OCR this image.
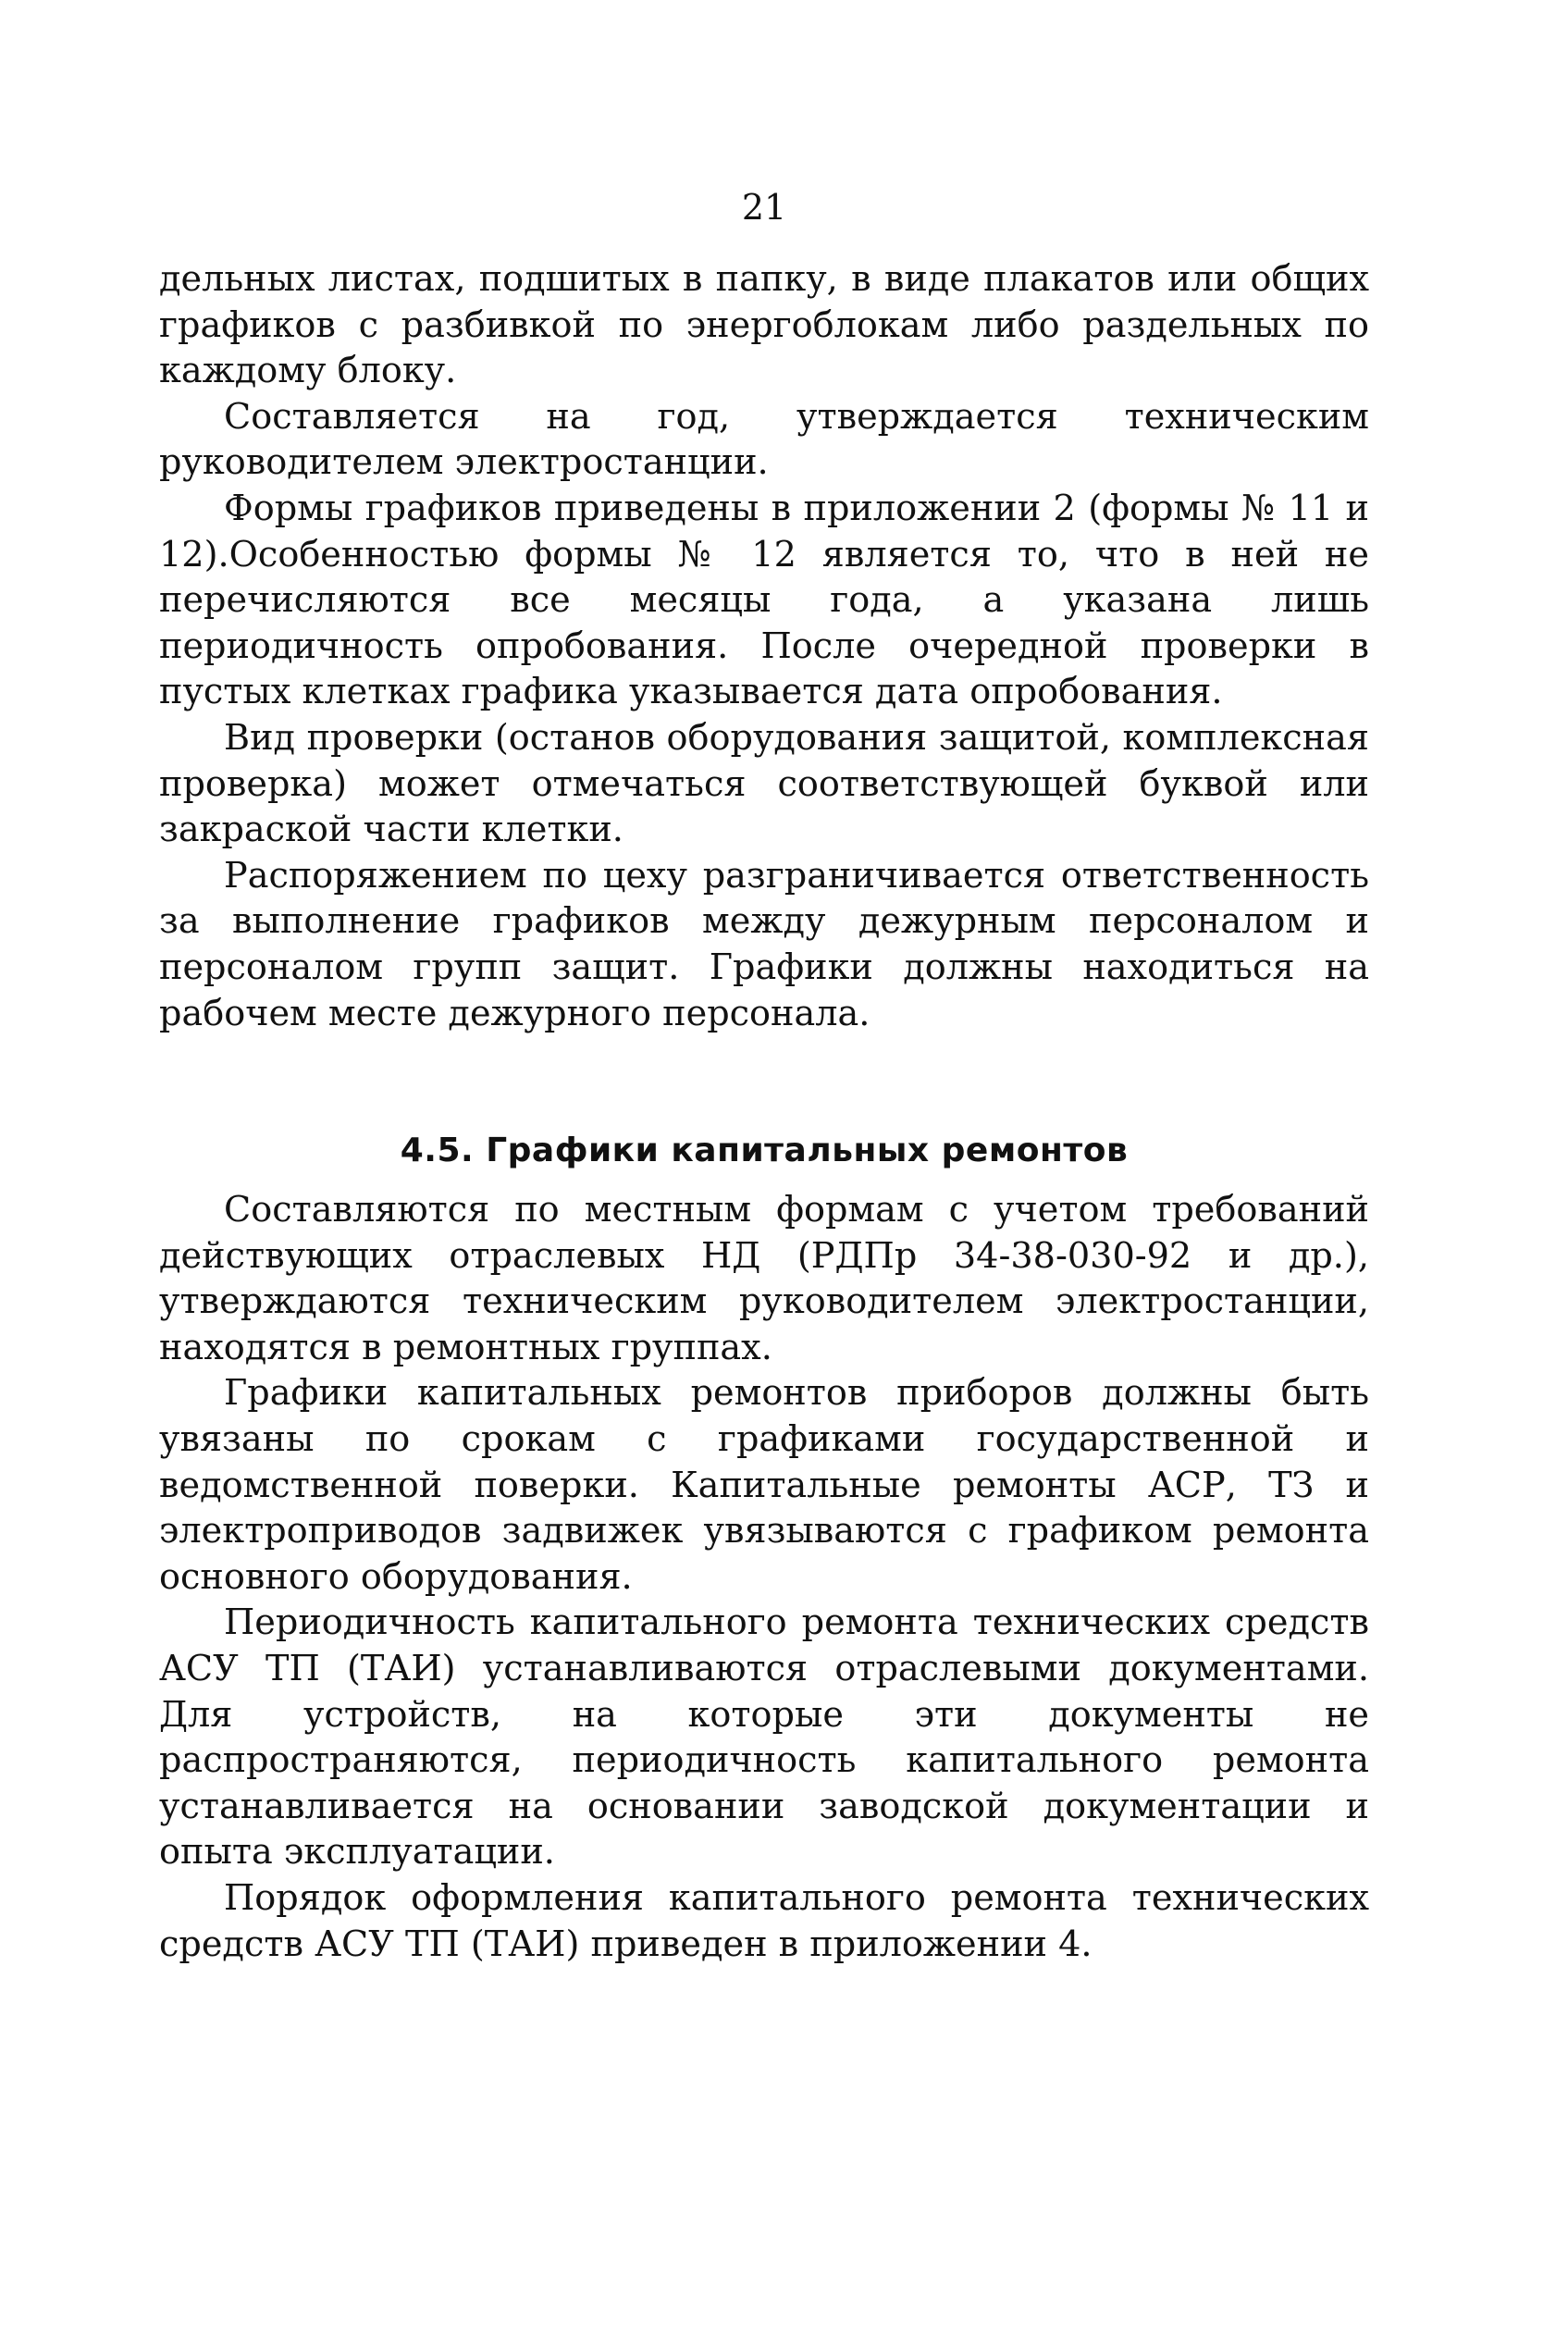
21

дельных листах, подшитых в папку, в виде плакатов или общих графиков с разбивкой по энергоблокам либо раздельных по каждому блоку.

Составляется на год, утверждается техническим руководителем электростанции.

Формы графиков приведены в приложении 2 (формы № 11 и 12).Особенностью формы № 12 является то, что в ней не перечисляются все месяцы года, а указана лишь периодичность опробования. После очередной проверки в пустых клетках графика указывается дата опробования.

Вид проверки (останов оборудования защитой, комплексная проверка) может отмечаться соответствующей буквой или закраской части клетки.

Распоряжением по цеху разграничивается ответственность за выполнение графиков между дежурным персоналом и персоналом групп защит. Графики должны находиться на рабочем месте дежурного персонала.

4.5. Графики капитальных ремонтов

Составляются по местным формам с учетом требований действующих отраслевых НД (РДПр 34-38-030-92 и др.), утверждаются техническим руководителем электростанции, находятся в ремонтных группах.

Графики капитальных ремонтов приборов должны быть увязаны по срокам с графиками государственной и ведомственной поверки. Капитальные ремонты АСР, ТЗ и электроприводов задвижек увязываются с графиком ремонта основного оборудования.

Периодичность капитального ремонта технических средств АСУ ТП (ТАИ) устанавливаются отраслевыми документами. Для устройств, на которые эти документы не распространяются, периодичность капитального ремонта устанавливается на основании заводской документации и опыта эксплуатации.

Порядок оформления капитального ремонта технических средств АСУ ТП (ТАИ) приведен в приложении 4.
